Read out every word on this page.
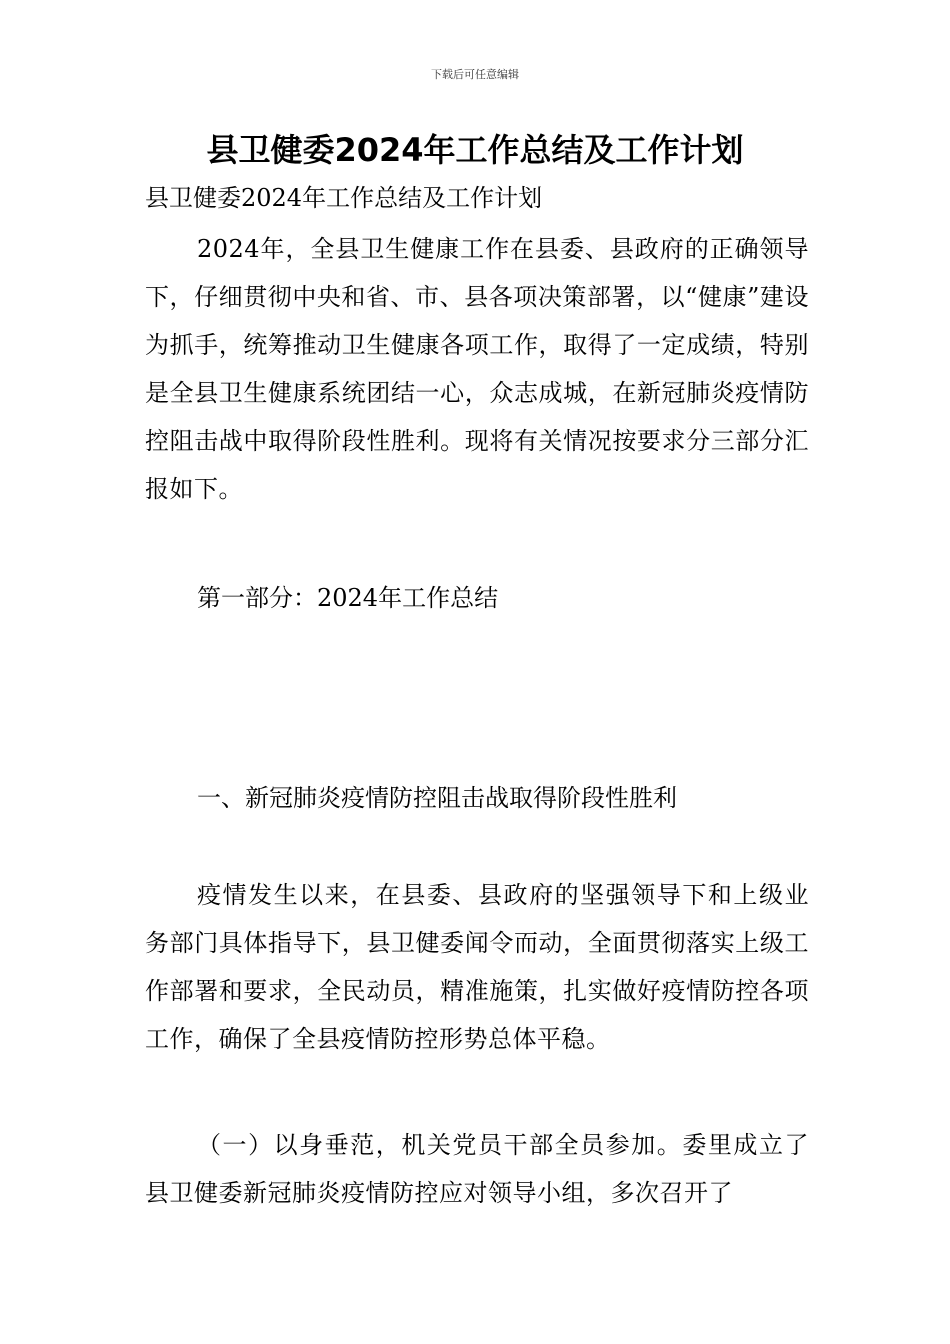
下载后可任意编辑
县卫健委2024年工作总结及工作计划

县卫健委2024年工作总结及工作计划

2024年，全县卫生健康工作在县委、县政府的正确领导下，仔细贯彻中央和省、市、县各项决策部署，以“健康”建设为抓手，统筹推动卫生健康各项工作，取得了一定成绩，特别是全县卫生健康系统团结一心，众志成城，在新冠肺炎疫情防控阻击战中取得阶段性胜利。现将有关情况按要求分三部分汇报如下。

第一部分：2024年工作总结

一、新冠肺炎疫情防控阻击战取得阶段性胜利

疫情发生以来，在县委、县政府的坚强领导下和上级业务部门具体指导下，县卫健委闻令而动，全面贯彻落实上级工作部署和要求，全民动员，精准施策，扎实做好疫情防控各项工作，确保了全县疫情防控形势总体平稳。

（一）以身垂范，机关党员干部全员参加。委里成立了县卫健委新冠肺炎疫情防控应对领导小组，多次召开了
